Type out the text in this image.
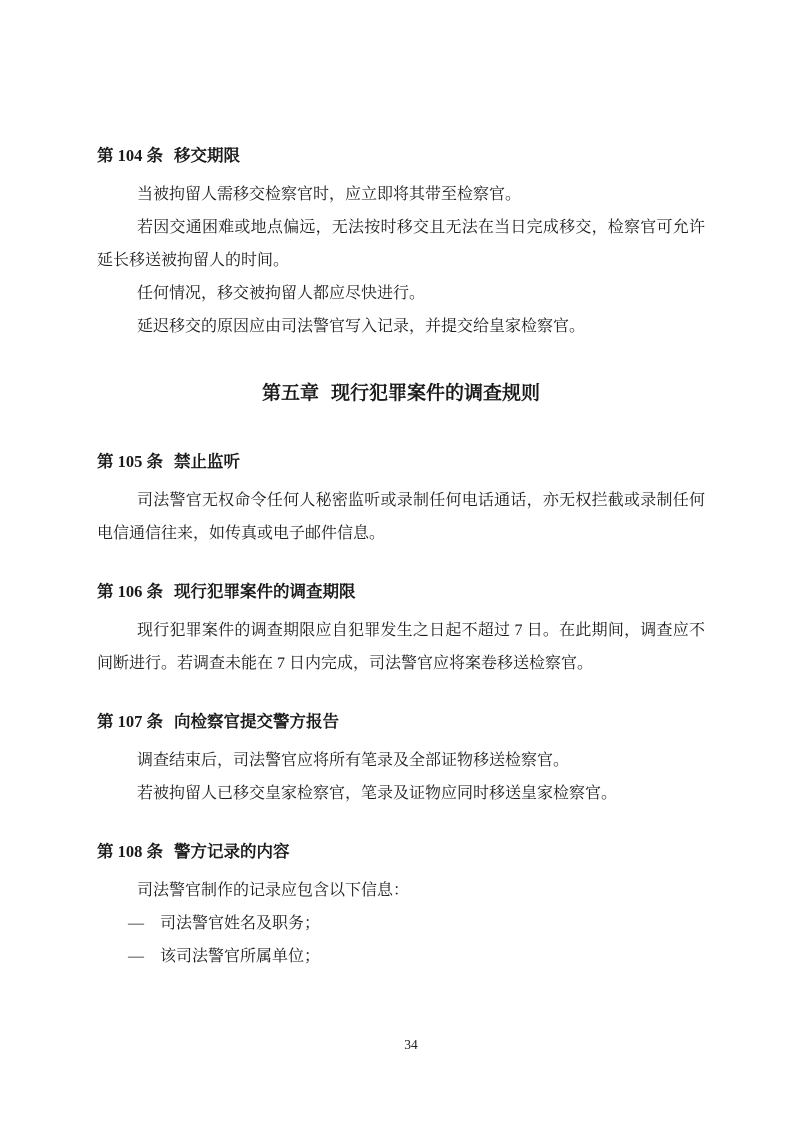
第 104 条 移交期限

当被拘留人需移交检察官时，应立即将其带至检察官。

若因交通困难或地点偏远，无法按时移交且无法在当日完成移交，检察官可允许延长移送被拘留人的时间。

任何情况，移交被拘留人都应尽快进行。

延迟移交的原因应由司法警官写入记录，并提交给皇家检察官。

第五章 现行犯罪案件的调查规则
第 105 条 禁止监听

司法警官无权命令任何人秘密监听或录制任何电话通话，亦无权拦截或录制任何电信通信往来，如传真或电子邮件信息。

第 106 条 现行犯罪案件的调查期限

现行犯罪案件的调查期限应自犯罪发生之日起不超过 7 日。在此期间，调查应不间断进行。若调查未能在 7 日内完成，司法警官应将案卷移送检察官。

第 107 条 向检察官提交警方报告

调查结束后，司法警官应将所有笔录及全部证物移送检察官。

若被拘留人已移交皇家检察官，笔录及证物应同时移送皇家检察官。

第 108 条 警方记录的内容

司法警官制作的记录应包含以下信息：

—　司法警官姓名及职务；

—　该司法警官所属单位；

34
